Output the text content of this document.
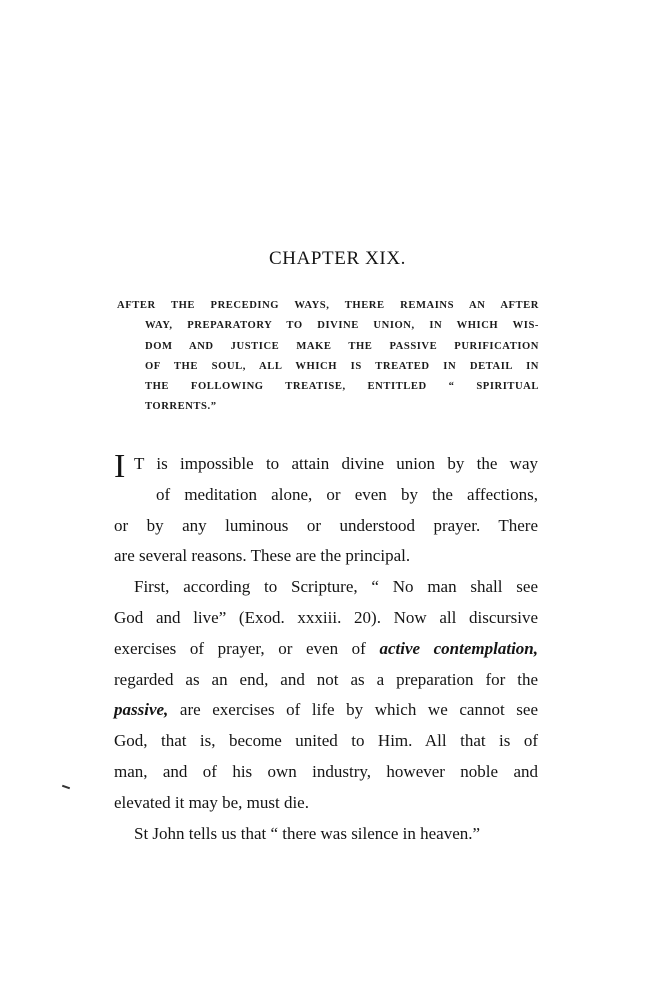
CHAPTER XIX.
AFTER THE PRECEDING WAYS, THERE REMAINS AN AFTER
WAY, PREPARATORY TO DIVINE UNION, IN WHICH WIS-
DOM AND JUSTICE MAKE THE PASSIVE PURIFICATION
OF THE SOUL, ALL WHICH IS TREATED IN DETAIL IN
THE FOLLOWING TREATISE, ENTITLED “ SPIRITUAL
TORRENTS.”
I T is impossible to attain divine union by the way
of meditation alone, or even by the affections,
or by any luminous or understood prayer. There
are several reasons. These are the principal.
First, according to Scripture, “ No man shall see
God and live” (Exod. xxxiii. 20). Now all discursive
exercises of prayer, or even of active contemplation,
regarded as an end, and not as a preparation for the
passive, are exercises of life by which we cannot see
God, that is, become united to Him. All that is of
man, and of his own industry, however noble and
elevated it may be, must die.
St John tells us that “ there was silence in heaven.”
